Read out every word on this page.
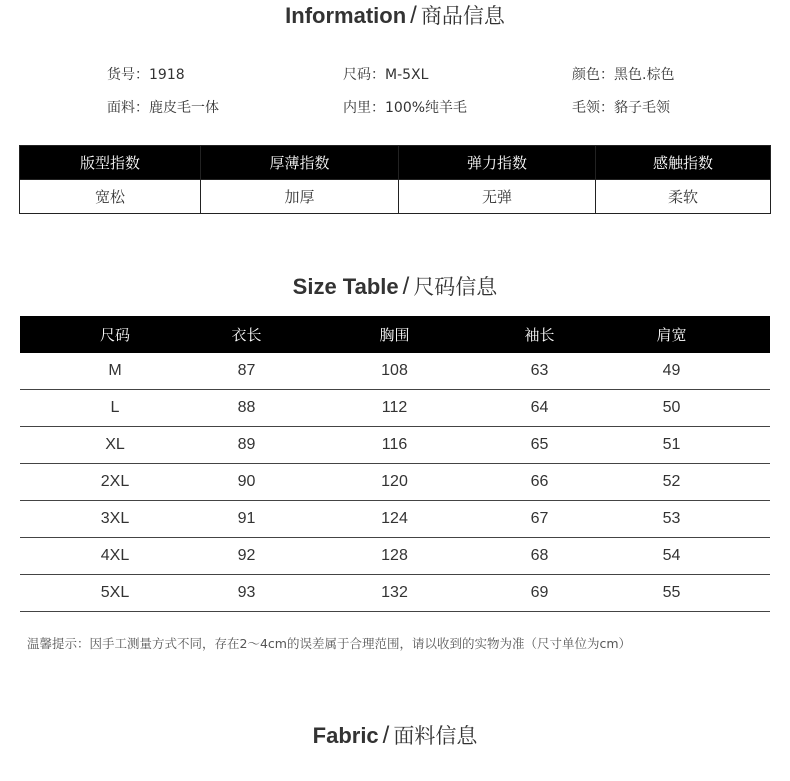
Information / 商品信息
货号：1918	尺码：M-5XL	颜色：黑色.棕色
面料：鹿皮毛一体	内里：100%纯羊毛	毛领：貉子毛领
版型指数	厚薄指数	弹力指数	感触指数
宽松	加厚	无弹	柔软
Size Table / 尺码信息
尺码	衣长	胸围	袖长	肩宽
M	87	108	63	49
L	88	112	64	50
XL	89	116	65	51
2XL	90	120	66	52
3XL	91	124	67	53
4XL	92	128	68	54
5XL	93	132	69	55
温馨提示：因手工测量方式不同，存在2～4cm的误差属于合理范围，请以收到的实物为准（尺寸单位为cm）
Fabric / 面料信息
